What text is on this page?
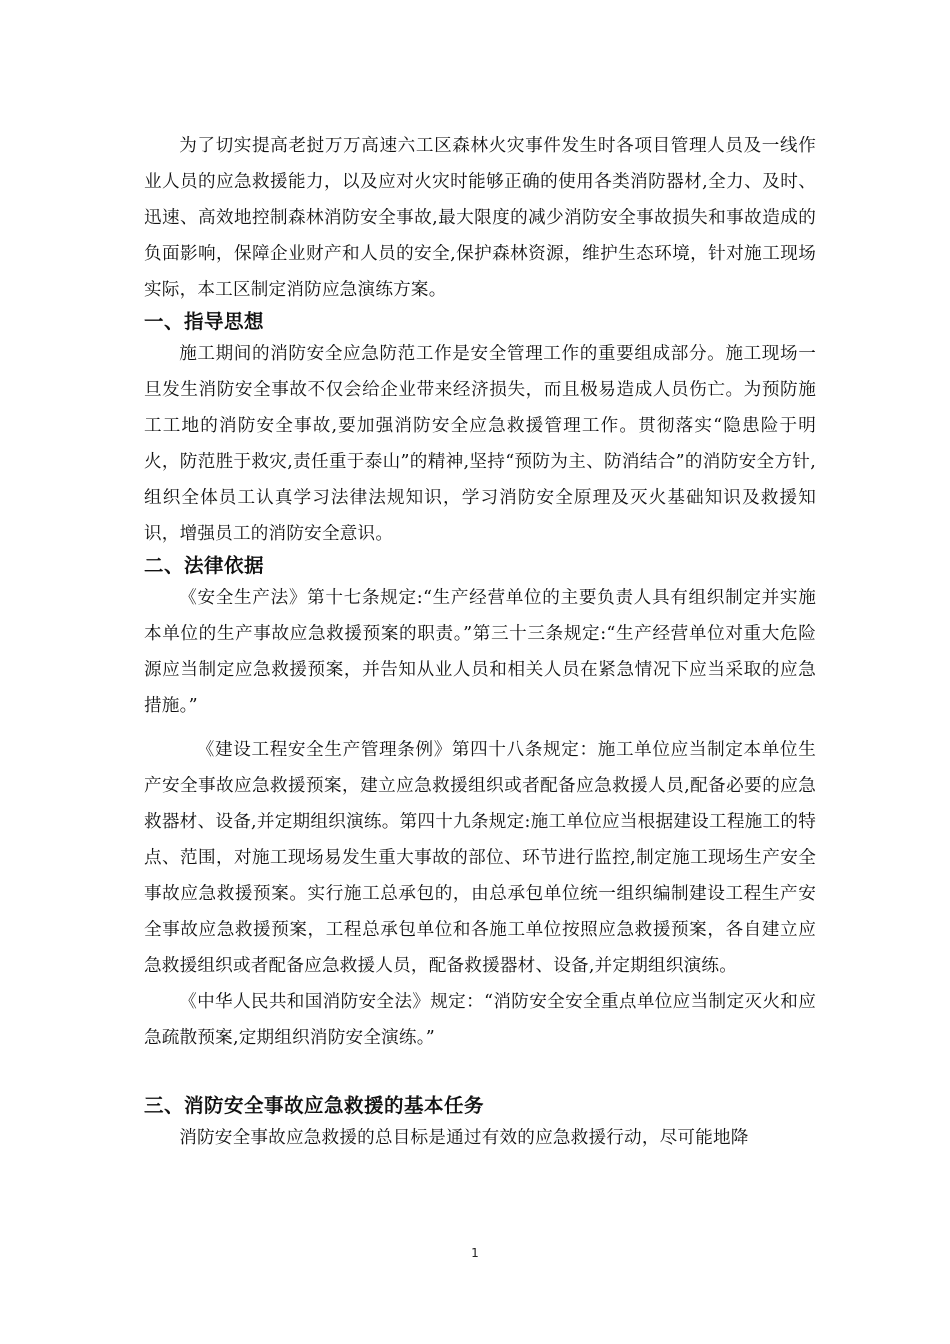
为了切实提高老挝万万高速六工区森林火灾事件发生时各项目管理人员及一线作业人员的应急救援能力，以及应对火灾时能够正确的使用各类消防器材,全力、及时、迅速、高效地控制森林消防安全事故,最大限度的减少消防安全事故损失和事故造成的负面影响，保障企业财产和人员的安全,保护森林资源，维护生态环境，针对施工现场实际，本工区制定消防应急演练方案。

一、指导思想

施工期间的消防安全应急防范工作是安全管理工作的重要组成部分。施工现场一旦发生消防安全事故不仅会给企业带来经济损失，而且极易造成人员伤亡。为预防施工工地的消防安全事故,要加强消防安全应急救援管理工作。贯彻落实“隐患险于明火，防范胜于救灾,责任重于泰山”的精神,坚持“预防为主、防消结合”的消防安全方针,组织全体员工认真学习法律法规知识，学习消防安全原理及灭火基础知识及救援知识，增强员工的消防安全意识。

二、法律依据

《安全生产法》第十七条规定:“生产经营单位的主要负责人具有组织制定并实施本单位的生产事故应急救援预案的职责。”第三十三条规定:“生产经营单位对重大危险源应当制定应急救援预案，并告知从业人员和相关人员在紧急情况下应当采取的应急措施。”

《建设工程安全生产管理条例》第四十八条规定：施工单位应当制定本单位生产安全事故应急救援预案，建立应急救援组织或者配备应急救援人员,配备必要的应急救器材、设备,并定期组织演练。第四十九条规定:施工单位应当根据建设工程施工的特点、范围，对施工现场易发生重大事故的部位、环节进行监控,制定施工现场生产安全事故应急救援预案。实行施工总承包的，由总承包单位统一组织编制建设工程生产安全事故应急救援预案，工程总承包单位和各施工单位按照应急救援预案，各自建立应急救援组织或者配备应急救援人员，配备救援器材、设备,并定期组织演练。

《中华人民共和国消防安全法》规定：“消防安全安全重点单位应当制定灭火和应急疏散预案,定期组织消防安全演练。”

三、消防安全事故应急救援的基本任务

消防安全事故应急救援的总目标是通过有效的应急救援行动，尽可能地降

1
